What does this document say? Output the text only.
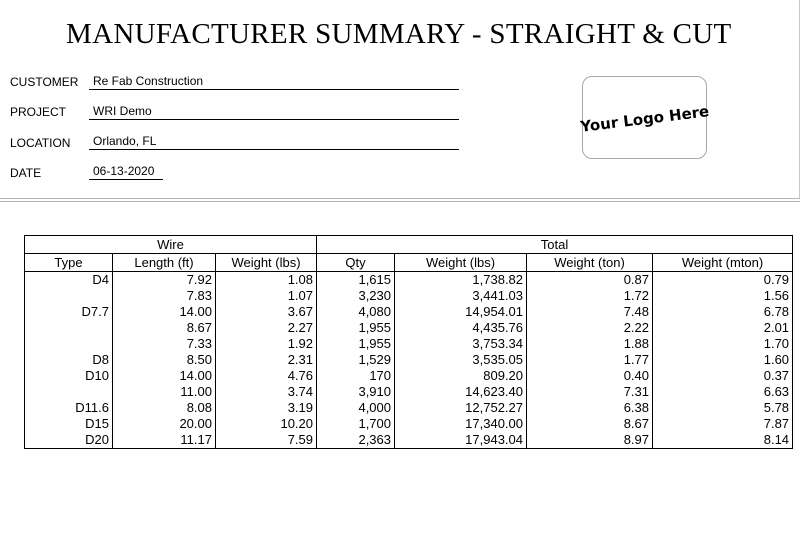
MANUFACTURER SUMMARY - STRAIGHT & CUT
CUSTOMER	Re Fab Construction
PROJECT	WRI Demo
LOCATION	Orlando, FL
DATE	06-13-2020
Your Logo Here
Wire			Total			
Type	Length (ft)	Weight (lbs)	Qty	Weight (lbs)	Weight (ton)	Weight (mton)
D4	7.92	1.08	1,615	1,738.82	0.87	0.79
	7.83	1.07	3,230	3,441.03	1.72	1.56
D7.7	14.00	3.67	4,080	14,954.01	7.48	6.78
	8.67	2.27	1,955	4,435.76	2.22	2.01
	7.33	1.92	1,955	3,753.34	1.88	1.70
D8	8.50	2.31	1,529	3,535.05	1.77	1.60
D10	14.00	4.76	170	809.20	0.40	0.37
	11.00	3.74	3,910	14,623.40	7.31	6.63
D11.6	8.08	3.19	4,000	12,752.27	6.38	5.78
D15	20.00	10.20	1,700	17,340.00	8.67	7.87
D20	11.17	7.59	2,363	17,943.04	8.97	8.14
